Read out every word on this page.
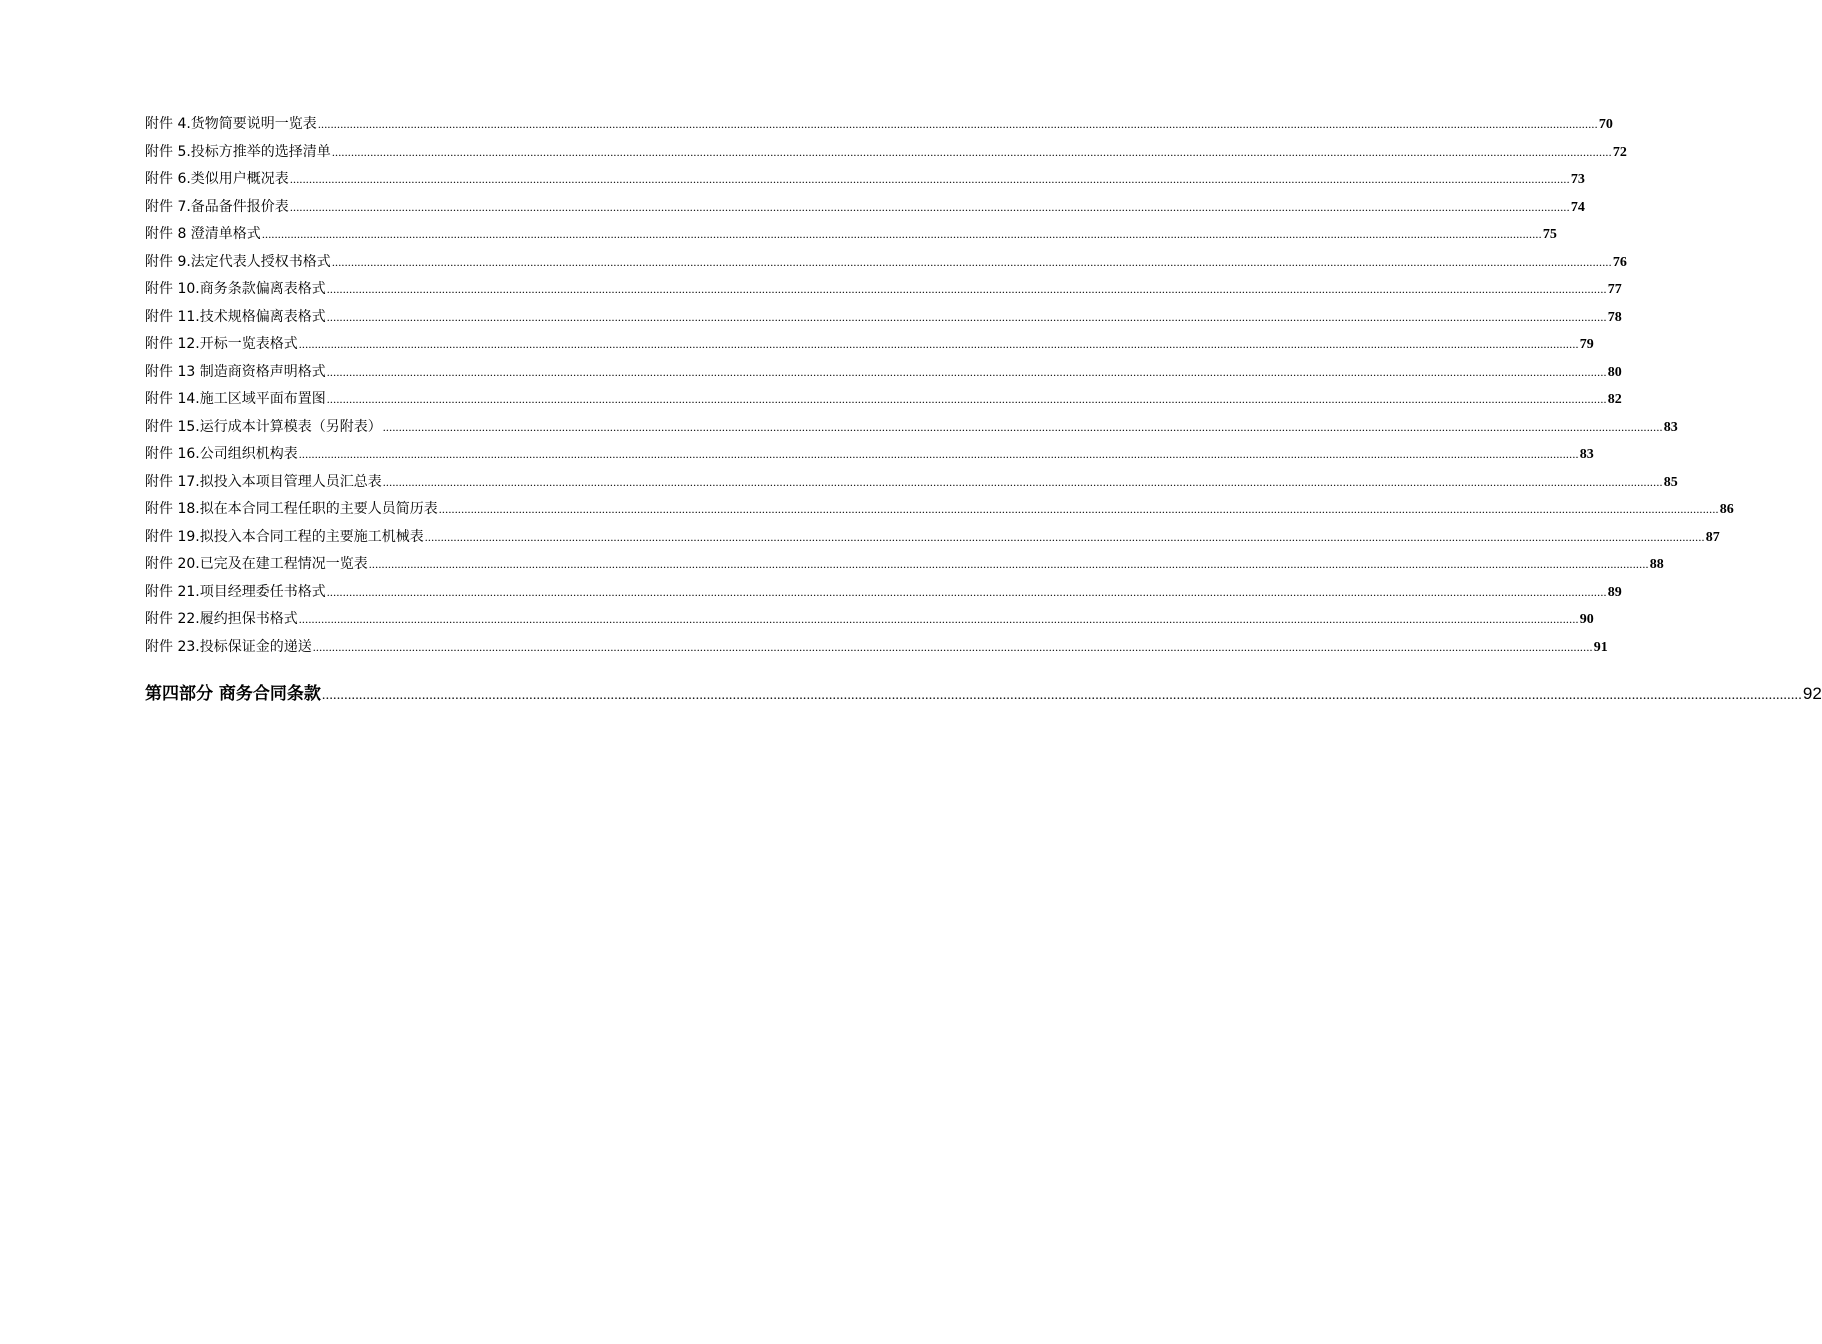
附件 4.货物简要说明一览表 ................................................................................................................................................................................................................................................................................................................................................................................................................ 70
附件 5.投标方推举的选择清单 ................................................................................................................................................................................................................................................................................................................................................................................................................ 72
附件 6.类似用户概况表 ................................................................................................................................................................................................................................................................................................................................................................................................................ 73
附件 7.备品备件报价表 ................................................................................................................................................................................................................................................................................................................................................................................................................ 74
附件 8 澄清单格式 ................................................................................................................................................................................................................................................................................................................................................................................................................ 75
附件 9.法定代表人授权书格式 ................................................................................................................................................................................................................................................................................................................................................................................................................ 76
附件 10.商务条款偏离表格式 ................................................................................................................................................................................................................................................................................................................................................................................................................ 77
附件 11.技术规格偏离表格式 ................................................................................................................................................................................................................................................................................................................................................................................................................ 78
附件 12.开标一览表格式 ................................................................................................................................................................................................................................................................................................................................................................................................................ 79
附件 13 制造商资格声明格式 ................................................................................................................................................................................................................................................................................................................................................................................................................ 80
附件 14.施工区域平面布置图 ................................................................................................................................................................................................................................................................................................................................................................................................................ 82
附件 15.运行成本计算模表（另附表） ................................................................................................................................................................................................................................................................................................................................................................................................................ 83
附件 16.公司组织机构表 ................................................................................................................................................................................................................................................................................................................................................................................................................ 83
附件 17.拟投入本项目管理人员汇总表 ................................................................................................................................................................................................................................................................................................................................................................................................................ 85
附件 18.拟在本合同工程任职的主要人员简历表 ................................................................................................................................................................................................................................................................................................................................................................................................................ 86
附件 19.拟投入本合同工程的主要施工机械表 ................................................................................................................................................................................................................................................................................................................................................................................................................ 87
附件 20.已完及在建工程情况一览表 ................................................................................................................................................................................................................................................................................................................................................................................................................ 88
附件 21.项目经理委任书格式 ................................................................................................................................................................................................................................................................................................................................................................................................................ 89
附件 22.履约担保书格式 ................................................................................................................................................................................................................................................................................................................................................................................................................ 90
附件 23.投标保证金的递送 ................................................................................................................................................................................................................................................................................................................................................................................................................ 91
第四部分 商务合同条款 ................................................................................................................................................................................................................................................................................................................................................................................................................ 92
